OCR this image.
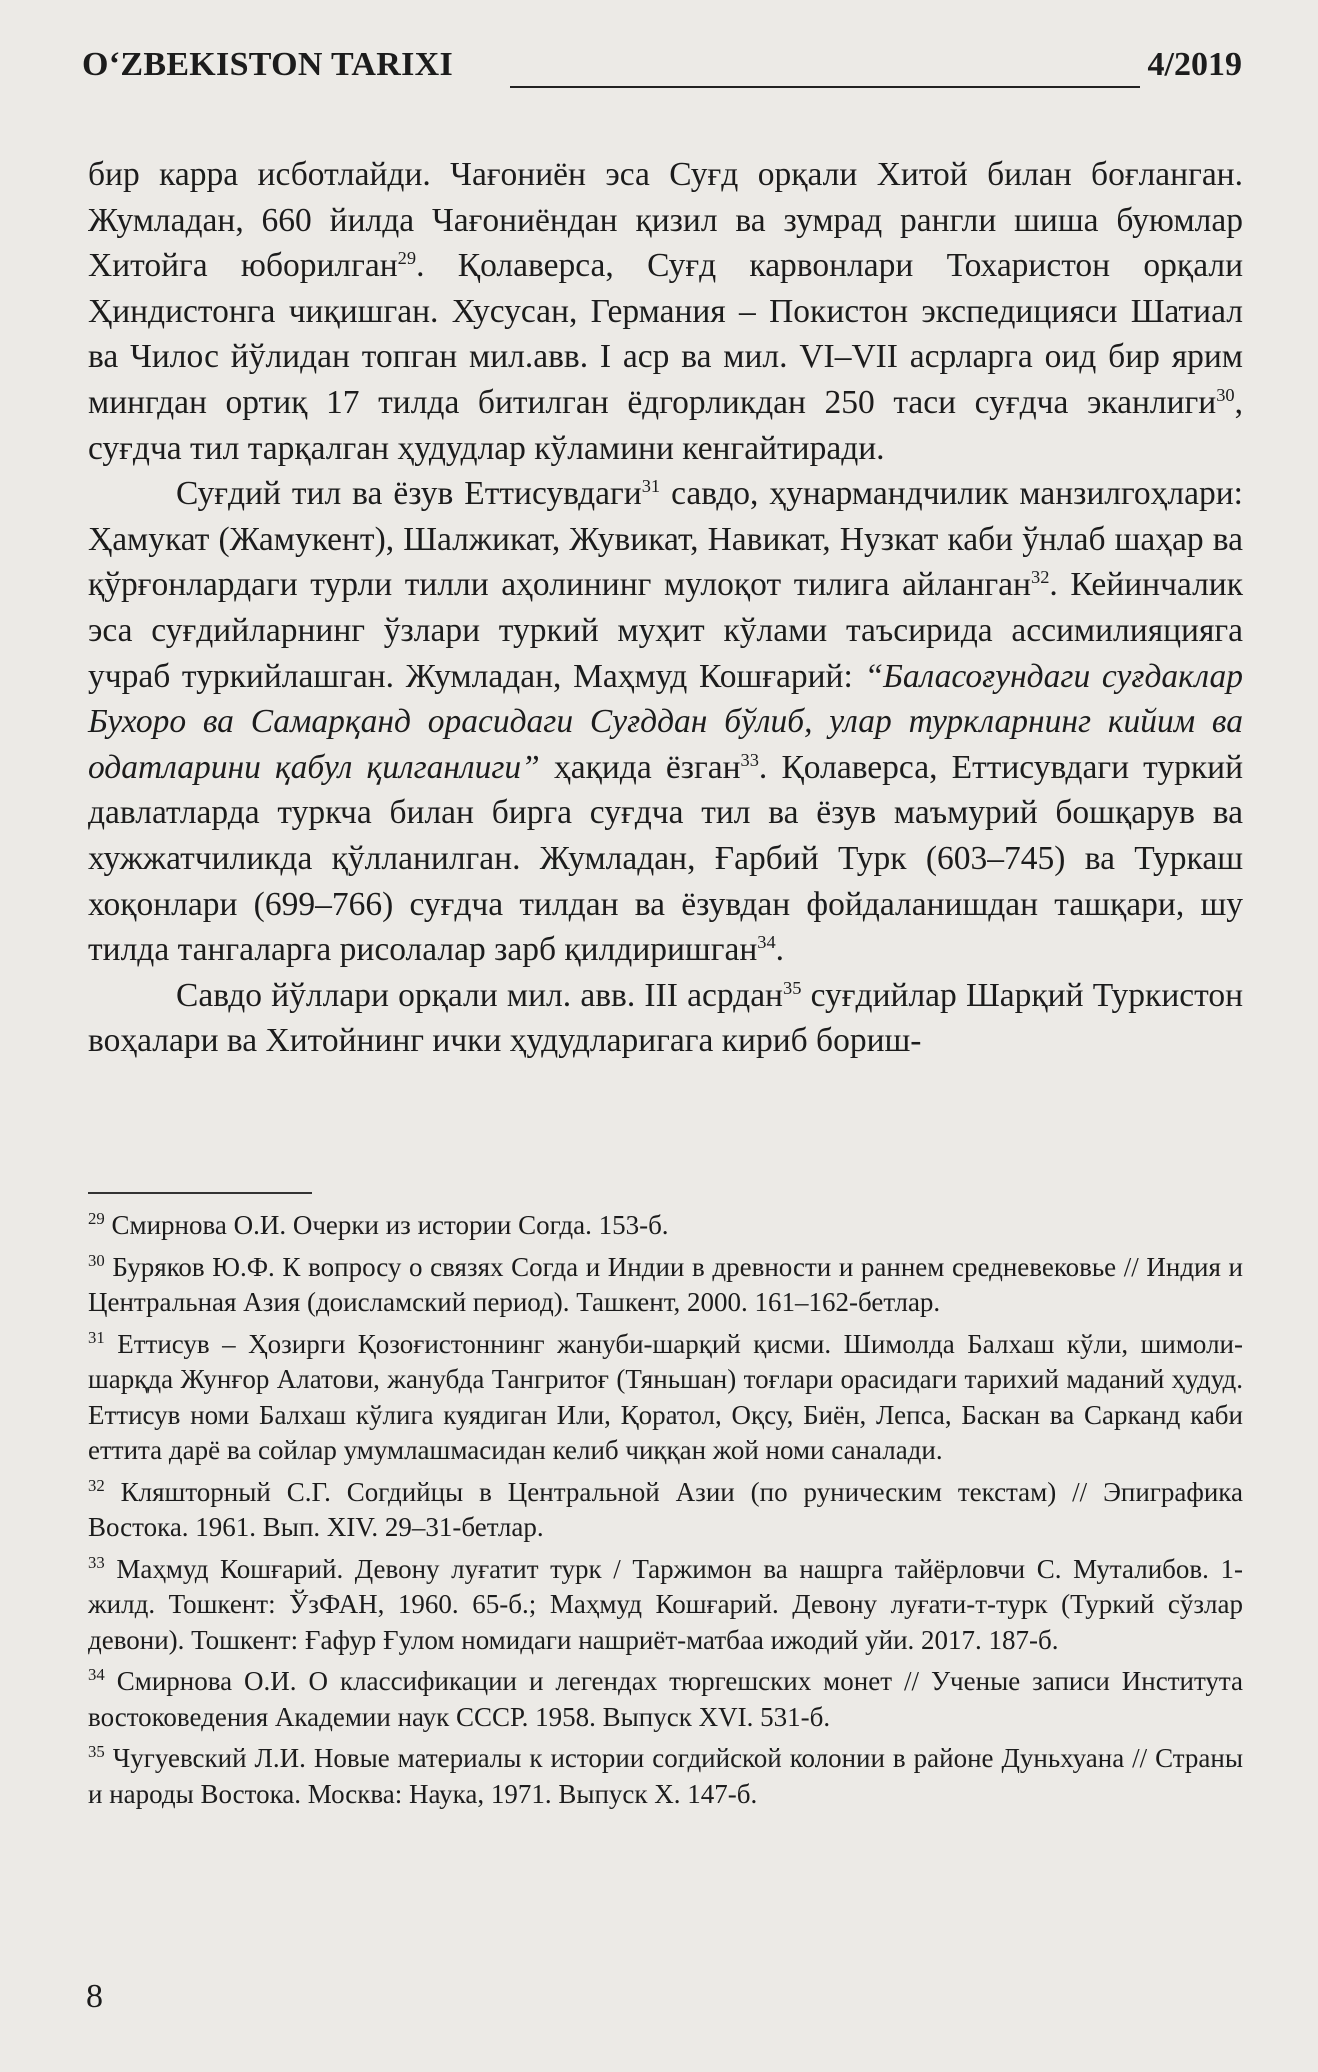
O‘ZBEKISTON TARIXI	4/2019

бир карра исботлайди. Чағониён эса Суғд орқали Хитой билан боғланган. Жумладан, 660 йилда Чағониёндан қизил ва зумрад рангли шиша буюмлар Хитойга юборилган$^{29}$. Қолаверса, Суғд карвонлари Тохаристон орқали Ҳиндистонга чиқишган. Хусусан, Германия – Покистон экспедицияси Шатиал ва Чилос йўлидан топган мил.авв. I аср ва мил. VI–VII асрларга оид бир ярим мингдан ортиқ 17 тилда битилган ёдгорликдан 250 таси суғдча эканлиги$^{30}$, суғдча тил тарқалган ҳудудлар кўламини кенгайтиради.

Суғдий тил ва ёзув Еттисувдаги$^{31}$ савдо, ҳунармандчилик манзилгоҳлари: Ҳамукат (Жамукент), Шалжикат, Жувикат, Навикат, Нузкат каби ўнлаб шаҳар ва қўрғонлардаги турли тилли аҳолининг мулоқот тилига айланган$^{32}$. Кейинчалик эса суғдийларнинг ўзлари туркий муҳит кўлами таъсирида ассимилияцияга учраб туркийлашган. Жумладан, Маҳмуд Кошғарий: “Баласоғундаги суғдаклар Бухоро ва Самарқанд орасидаги Суғддан бўлиб, улар туркларнинг кийим ва одатларини қабул қилганлиги” ҳақида ёзган$^{33}$. Қолаверса, Еттисувдаги туркий давлатларда туркча билан бирга суғдча тил ва ёзув маъмурий бошқарув ва хужжатчиликда қўлланилган. Жумладан, Ғарбий Турк (603–745) ва Туркаш хоқонлари (699–766) суғдча тилдан ва ёзувдан фойдаланишдан ташқари, шу тилда тангаларга рисолалар зарб қилдиришган$^{34}$.

Савдо йўллари орқали мил. авв. III асрдан$^{35}$ суғдийлар Шарқий Туркистон воҳалари ва Хитойнинг ички ҳудудларигага кириб бориш-

$^{29}$ Смирнова О.И. Очерки из истории Согда. 153-б.

$^{30}$ Буряков Ю.Ф. К вопросу о связях Согда и Индии в древности и раннем средневековье // Индия и Центральная Азия (доисламский период). Ташкент, 2000. 161–162-бетлар.

$^{31}$ Еттисув – Ҳозирги Қозоғистоннинг жануби-шарқий қисми. Шимолда Балхаш кўли, шимоли-шарқда Жунғор Алатови, жанубда Тангритоғ (Тяньшан) тоғлари орасидаги тарихий маданий ҳудуд. Еттисув номи Балхаш кўлига куядиган Или, Қоратол, Оқсу, Биён, Лепса, Баскан ва Сарканд каби еттита дарё ва сойлар умумлашмасидан келиб чиққан жой номи саналади.

$^{32}$ Кляшторный С.Г. Согдийцы в Центральной Азии (по руническим текстам) // Эпиграфика Востока. 1961. Вып. XIV. 29–31-бетлар.

$^{33}$ Маҳмуд Кошғарий. Девону луғатит турк / Таржимон ва нашрга тайёрловчи С. Муталибов. 1-жилд. Тошкент: ЎзФАН, 1960. 65-б.; Маҳмуд Кошғарий. Девону луғати-т-турк (Туркий сўзлар девони). Тошкент: Ғафур Ғулом номидаги нашриёт-матбаа ижодий уйи. 2017. 187-б.

$^{34}$ Смирнова О.И. О классификации и легендах тюргешских монет // Ученые записи Института востоковедения Академии наук СССР. 1958. Выпуск XVI. 531-б.

$^{35}$ Чугуевский Л.И. Новые материалы к истории согдийской колонии в районе Дуньхуана // Страны и народы Востока. Москва: Наука, 1971. Выпуск Х. 147-б.

8
